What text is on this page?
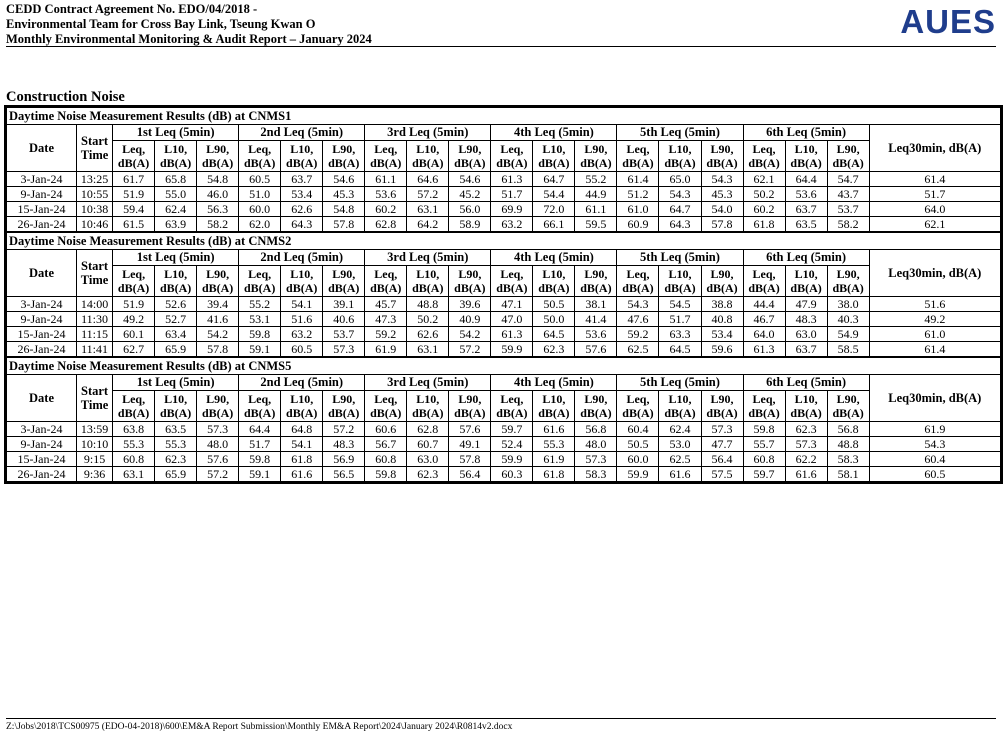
CEDD Contract Agreement No. EDO/04/2018 -
Environmental Team for Cross Bay Link, Tseung Kwan O
Monthly Environmental Monitoring & Audit Report – January 2024	AUES
Construction Noise
Daytime Noise Measurement Results (dB) at CNMS1																				
Date	Start
Time	1st Leq (5min)			2nd Leq (5min)			3rd Leq (5min)			4th Leq (5min)			5th Leq (5min)			6th Leq (5min)			Leq30min, dB(A)
		Leq,
dB(A)	L10,
dB(A)	L90,
dB(A)	Leq,
dB(A)	L10,
dB(A)	L90,
dB(A)	Leq,
dB(A)	L10,
dB(A)	L90,
dB(A)	Leq,
dB(A)	L10,
dB(A)	L90,
dB(A)	Leq,
dB(A)	L10,
dB(A)	L90,
dB(A)	Leq,
dB(A)	L10,
dB(A)	L90,
dB(A)	
3-Jan-24	13:25	61.7	65.8	54.8	60.5	63.7	54.6	61.1	64.6	54.6	61.3	64.7	55.2	61.4	65.0	54.3	62.1	64.4	54.7	61.4
9-Jan-24	10:55	51.9	55.0	46.0	51.0	53.4	45.3	53.6	57.2	45.2	51.7	54.4	44.9	51.2	54.3	45.3	50.2	53.6	43.7	51.7
15-Jan-24	10:38	59.4	62.4	56.3	60.0	62.6	54.8	60.2	63.1	56.0	69.9	72.0	61.1	61.0	64.7	54.0	60.2	63.7	53.7	64.0
26-Jan-24	10:46	61.5	63.9	58.2	62.0	64.3	57.8	62.8	64.2	58.9	63.2	66.1	59.5	60.9	64.3	57.8	61.8	63.5	58.2	62.1
Daytime Noise Measurement Results (dB) at CNMS2																				
Date	Start
Time	1st Leq (5min)			2nd Leq (5min)			3rd Leq (5min)			4th Leq (5min)			5th Leq (5min)			6th Leq (5min)			Leq30min, dB(A)
		Leq,
dB(A)	L10,
dB(A)	L90,
dB(A)	Leq,
dB(A)	L10,
dB(A)	L90,
dB(A)	Leq,
dB(A)	L10,
dB(A)	L90,
dB(A)	Leq,
dB(A)	L10,
dB(A)	L90,
dB(A)	Leq,
dB(A)	L10,
dB(A)	L90,
dB(A)	Leq,
dB(A)	L10,
dB(A)	L90,
dB(A)	
3-Jan-24	14:00	51.9	52.6	39.4	55.2	54.1	39.1	45.7	48.8	39.6	47.1	50.5	38.1	54.3	54.5	38.8	44.4	47.9	38.0	51.6
9-Jan-24	11:30	49.2	52.7	41.6	53.1	51.6	40.6	47.3	50.2	40.9	47.0	50.0	41.4	47.6	51.7	40.8	46.7	48.3	40.3	49.2
15-Jan-24	11:15	60.1	63.4	54.2	59.8	63.2	53.7	59.2	62.6	54.2	61.3	64.5	53.6	59.2	63.3	53.4	64.0	63.0	54.9	61.0
26-Jan-24	11:41	62.7	65.9	57.8	59.1	60.5	57.3	61.9	63.1	57.2	59.9	62.3	57.6	62.5	64.5	59.6	61.3	63.7	58.5	61.4
Daytime Noise Measurement Results (dB) at CNMS5																				
Date	Start
Time	1st Leq (5min)			2nd Leq (5min)			3rd Leq (5min)			4th Leq (5min)			5th Leq (5min)			6th Leq (5min)			Leq30min, dB(A)
		Leq,
dB(A)	L10,
dB(A)	L90,
dB(A)	Leq,
dB(A)	L10,
dB(A)	L90,
dB(A)	Leq,
dB(A)	L10,
dB(A)	L90,
dB(A)	Leq,
dB(A)	L10,
dB(A)	L90,
dB(A)	Leq,
dB(A)	L10,
dB(A)	L90,
dB(A)	Leq,
dB(A)	L10,
dB(A)	L90,
dB(A)	
3-Jan-24	13:59	63.8	63.5	57.3	64.4	64.8	57.2	60.6	62.8	57.6	59.7	61.6	56.8	60.4	62.4	57.3	59.8	62.3	56.8	61.9
9-Jan-24	10:10	55.3	55.3	48.0	51.7	54.1	48.3	56.7	60.7	49.1	52.4	55.3	48.0	50.5	53.0	47.7	55.7	57.3	48.8	54.3
15-Jan-24	9:15	60.8	62.3	57.6	59.8	61.8	56.9	60.8	63.0	57.8	59.9	61.9	57.3	60.0	62.5	56.4	60.8	62.2	58.3	60.4
26-Jan-24	9:36	63.1	65.9	57.2	59.1	61.6	56.5	59.8	62.3	56.4	60.3	61.8	58.3	59.9	61.6	57.5	59.7	61.6	58.1	60.5
Z:\Jobs\2018\TCS00975 (EDO-04-2018)\600\EM&A Report Submission\Monthly EM&A Report\2024\January 2024\R0814v2.docx
